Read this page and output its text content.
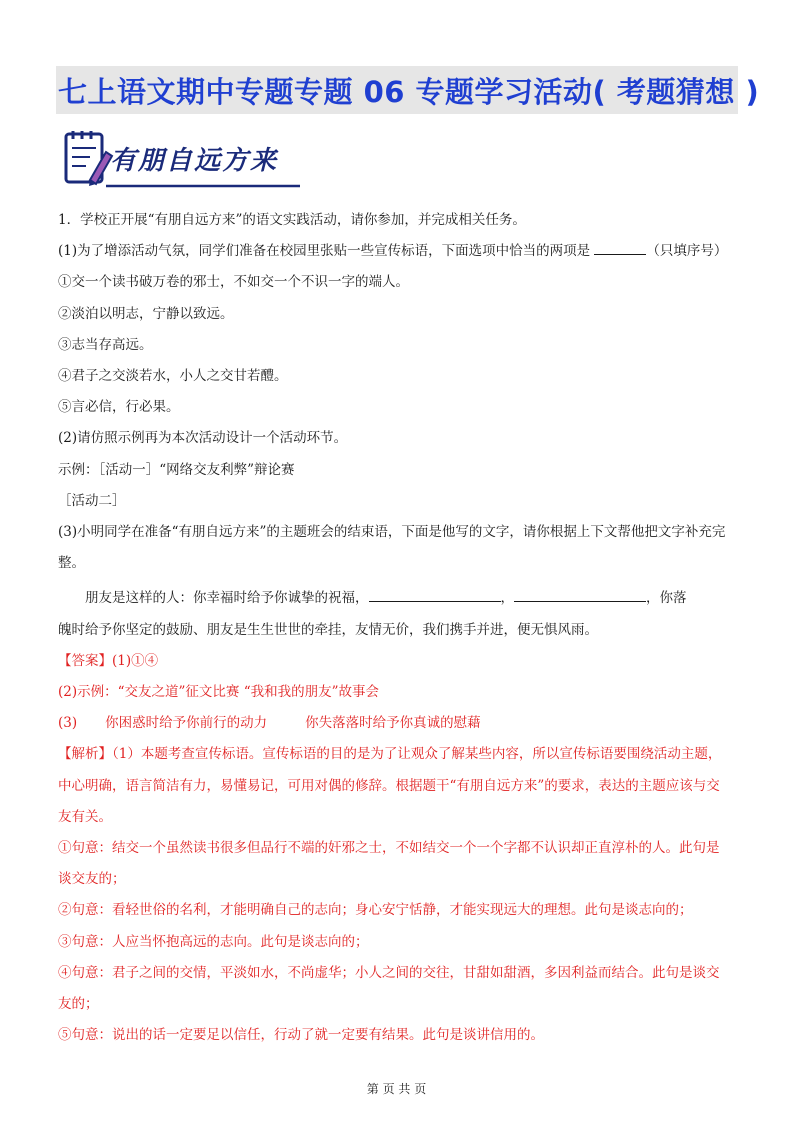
七上语文期中专题专题 06 专题学习活动( 考题猜想 )
有朋自远方来

1．学校正开展“有朋自远方来”的语文实践活动，请你参加，并完成相关任务。

(1)为了增添活动气氛，同学们准备在校园里张贴一些宣传标语，下面选项中恰当的两项是	（只填序号）

①交一个读书破万卷的邪士，不如交一个不识一字的端人。

②淡泊以明志，宁静以致远。

③志当存高远。

④君子之交淡若水，小人之交甘若醴。

⑤言必信，行必果。

(2)请仿照示例再为本次活动设计一个活动环节。

示例：［活动一］“网络交友利弊”辩论赛

［活动二］

(3)小明同学在准备“有朋自远方来”的主题班会的结束语，下面是他写的文字，请你根据上下文帮他把文字补充完

整。

朋友是这样的人：你幸福时给予你诚挚的祝福，	，	，你落

魄时给予你坚定的鼓励、朋友是生生世世的牵挂，友情无价，我们携手并进，便无惧风雨。

【答案】(1)①④

(2)示例：“交友之道”征文比赛 “我和我的朋友”故事会

(3) 你困惑时给予你前行的动力	你失落落时给予你真诚的慰藉

【解析】（1）本题考查宣传标语。宣传标语的目的是为了让观众了解某些内容，所以宣传标语要围绕活动主题，

中心明确，语言简洁有力，易懂易记，可用对偶的修辞。根据题干“有朋自远方来”的要求，表达的主题应该与交

友有关。

①句意：结交一个虽然读书很多但品行不端的奸邪之士，不如结交一个一个字都不认识却正直淳朴的人。此句是

谈交友的；

②句意：看轻世俗的名利，才能明确自己的志向；身心安宁恬静，才能实现远大的理想。此句是谈志向的；

③句意：人应当怀抱高远的志向。此句是谈志向的；

④句意：君子之间的交情，平淡如水，不尚虚华；小人之间的交往，甘甜如甜酒，多因利益而结合。此句是谈交

友的；

⑤句意：说出的话一定要足以信任，行动了就一定要有结果。此句是谈讲信用的。

第 页 共 页
